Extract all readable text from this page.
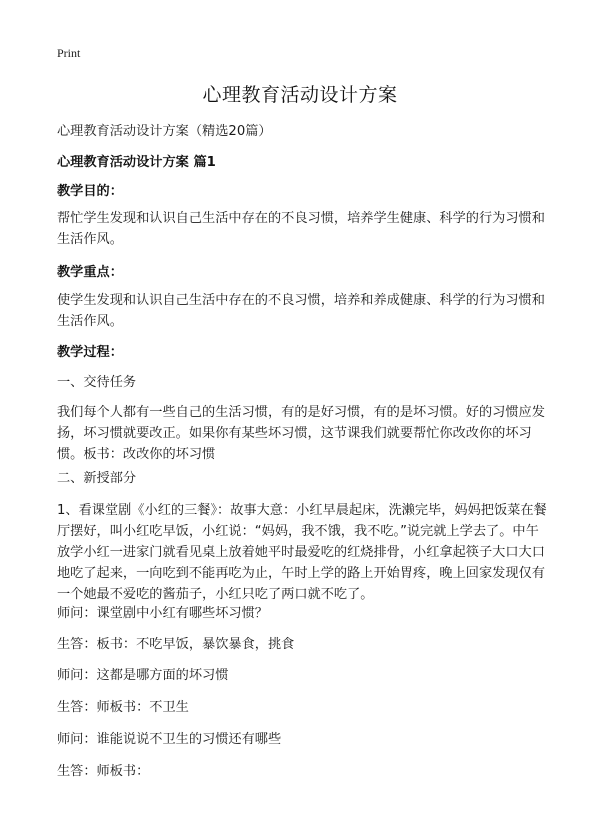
Print
心理教育活动设计方案
心理教育活动设计方案（精选20篇）
心理教育活动设计方案 篇1
教学目的：
帮忙学生发现和认识自己生活中存在的不良习惯，培养学生健康、科学的行为习惯和生活作风。
教学重点：
使学生发现和认识自己生活中存在的不良习惯，培养和养成健康、科学的行为习惯和生活作风。
教学过程：
一、交待任务
我们每个人都有一些自己的生活习惯，有的是好习惯，有的是坏习惯。好的习惯应发扬，坏习惯就要改正。如果你有某些坏习惯，这节课我们就要帮忙你改改你的坏习惯。板书：改改你的坏习惯
二、新授部分
1、看课堂剧《小红的三餐》：故事大意：小红早晨起床，洗濑完毕，妈妈把饭菜在餐厅摆好，叫小红吃早饭，小红说：“妈妈，我不饿，我不吃。”说完就上学去了。中午放学小红一进家门就看见桌上放着她平时最爱吃的红烧排骨，小红拿起筷子大口大口地吃了起来，一向吃到不能再吃为止，午时上学的路上开始胃疼，晚上回家发现仅有一个她最不爱吃的酱茄子，小红只吃了两口就不吃了。
师问：课堂剧中小红有哪些坏习惯？
生答：板书：不吃早饭，暴饮暴食，挑食
师问：这都是哪方面的坏习惯
生答：师板书：不卫生
师问：谁能说说不卫生的习惯还有哪些
生答：师板书：
